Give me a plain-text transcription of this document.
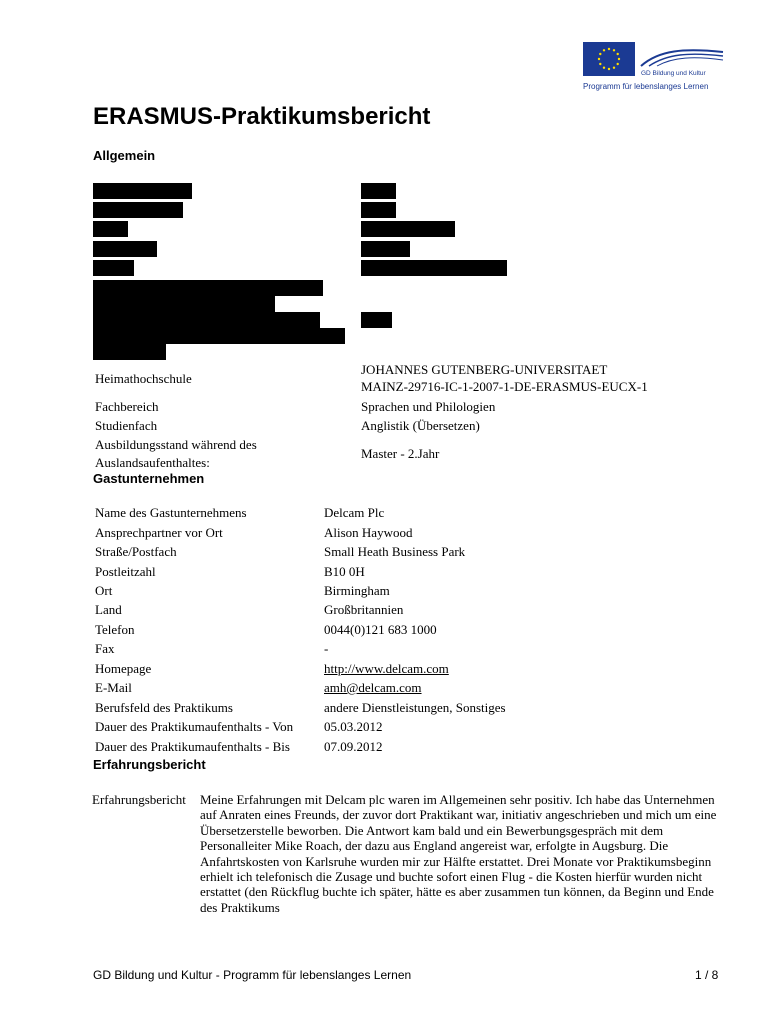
GD Bildung und Kultur
Programm für lebenslanges Lernen
ERASMUS-Praktikumsbericht
Allgemein
Heimathochschule
JOHANNES GUTENBERG-UNIVERSITAET
MAINZ-29716-IC-1-2007-1-DE-ERASMUS-EUCX-1
Fachbereich	Sprachen und Philologien
Studienfach	Anglistik (Übersetzen)
Ausbildungsstand während des
Auslandsaufenthaltes:
Master - 2.Jahr
Gastunternehmen
Name des Gastunternehmens	Delcam Plc
Ansprechpartner vor Ort	Alison Haywood
Straße/Postfach	Small Heath Business Park
Postleitzahl	B10 0H
Ort	Birmingham
Land	Großbritannien
Telefon	0044(0)121 683 1000
Fax	-
Homepage	http://www.delcam.com
E-Mail	amh@delcam.com
Berufsfeld des Praktikums	andere Dienstleistungen, Sonstiges
Dauer des Praktikumaufenthalts - Von 05.03.2012
Dauer des Praktikumaufenthalts - Bis	07.09.2012
Erfahrungsbericht
Erfahrungsbericht Meine Erfahrungen mit Delcam plc waren im Allgemeinen sehr positiv. Ich habe das Unternehmen auf Anraten eines Freunds, der zuvor dort Praktikant war, initiativ angeschrieben und mich um eine Übersetzerstelle beworben. Die Antwort kam bald und ein Bewerbungsgespräch mit dem Personalleiter Mike Roach, der dazu aus England angereist war, erfolgte in Augsburg. Die Anfahrtskosten von Karlsruhe wurden mir zur Hälfte erstattet. Drei Monate vor Praktikumsbeginn erhielt ich telefonisch die Zusage und buchte sofort einen Flug - die Kosten hierfür wurden nicht erstattet (den Rückflug buchte ich später, hätte es aber zusammen tun können, da Beginn und Ende des Praktikums
GD Bildung und Kultur - Programm für lebenslanges Lernen	1 / 8
